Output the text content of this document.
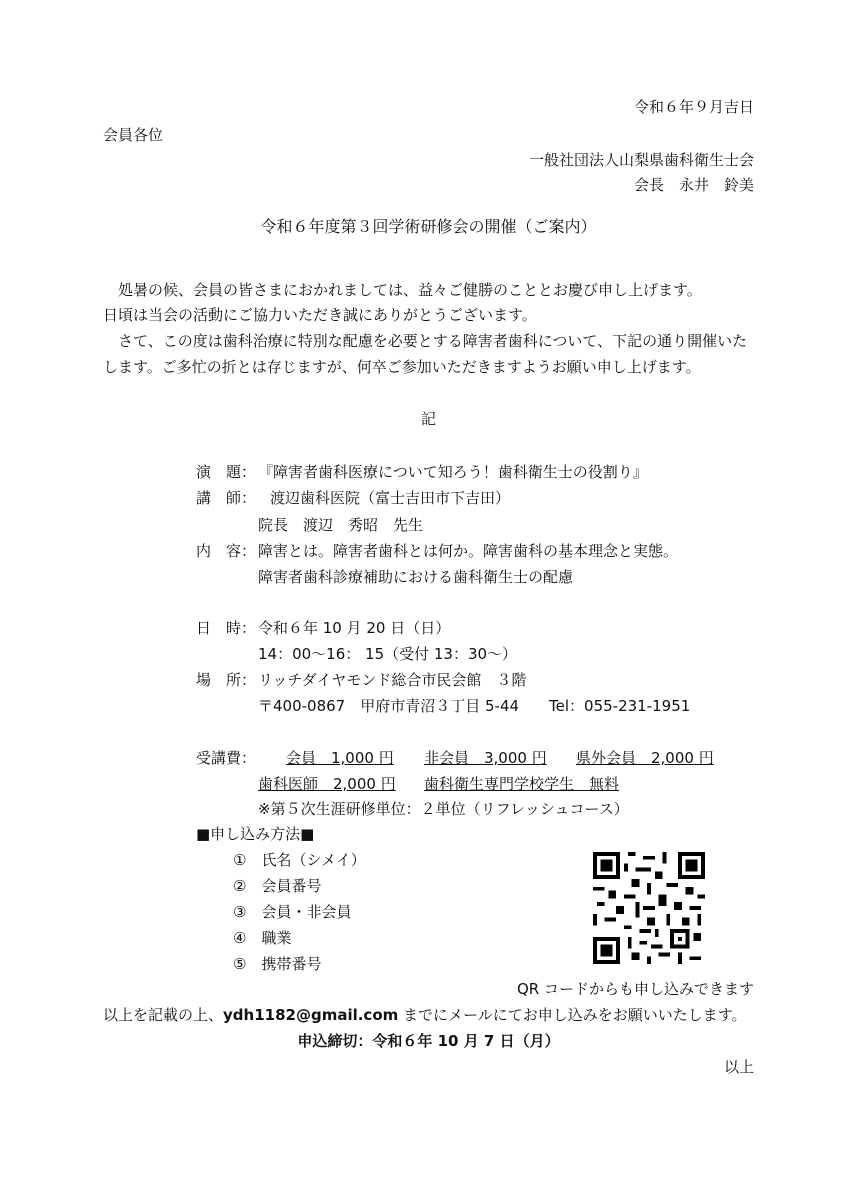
令和６年９月吉日
会員各位
一般社団法人山梨県歯科衛生士会
会長　永井　鈴美
令和６年度第３回学術研修会の開催（ご案内）
処暑の候、会員の皆さまにおかれましては、益々ご健勝のこととお慶び申し上げます。
日頃は当会の活動にご協力いただき誠にありがとうございます。
さて、この度は歯科治療に特別な配慮を必要とする障害者歯科について、下記の通り開催いた
します。ご多忙の折とは存じますが、何卒ご参加いただきますようお願い申し上げます。
記
演　題： 『障害者歯科医療について知ろう！歯科衛生士の役割り』
講　師： 渡辺歯科医院（富士吉田市下吉田）
院長　渡辺　秀昭　先生
内　容： 障害とは。障害者歯科とは何か。障害歯科の基本理念と実態。
障害者歯科診療補助における歯科衛生士の配慮
日　時： 令和６年 10 月 20 日（日）
14：00～16： 15（受付 13：30～）
場　所： リッチダイヤモンド総合市民会館　３階
〒400-0867　甲府市青沼３丁目 5-44　　Tel：055-231-1951
受講費： 会員　1,000 円 非会員　3,000 円 県外会員　2,000 円
歯科医師　2,000 円 歯科衛生専門学校学生　無料
※第５次生涯研修単位：２単位（リフレッシュコース）
■申し込み方法■
①　氏名（シメイ）
②　会員番号
③　会員・非会員
④　職業
⑤　携帯番号
QR コードからも申し込みできます
以上を記載の上、ydh1182@gmail.com までにメールにてお申し込みをお願いいたします。
申込締切：令和６年 10 月 7 日（月）
以上
